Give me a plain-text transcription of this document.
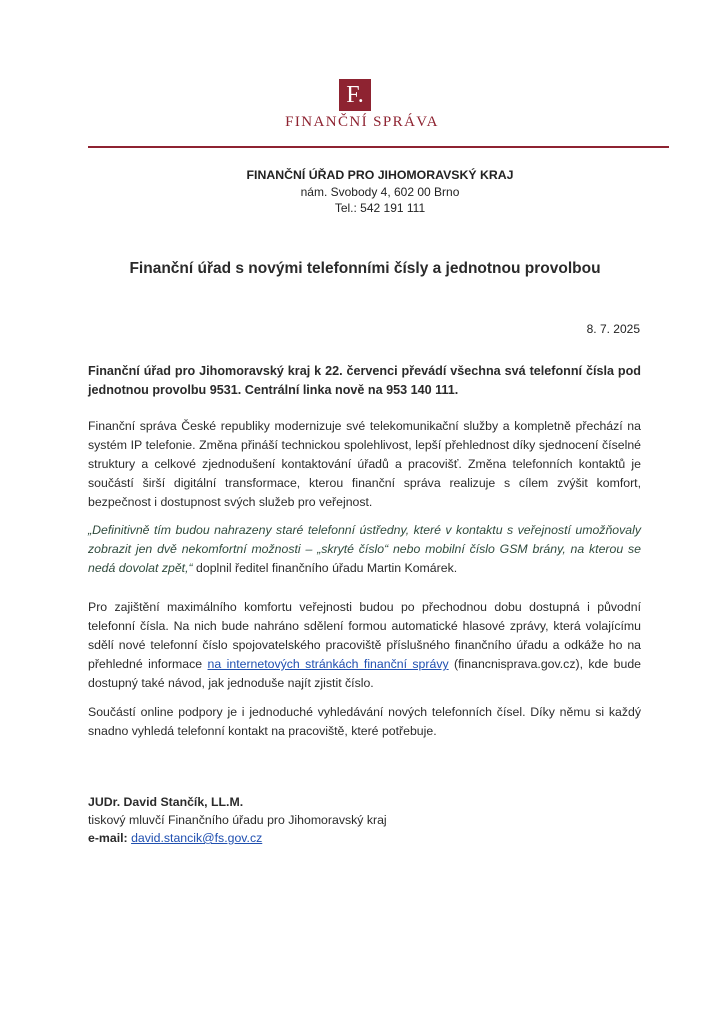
F.
FINANČNÍ SPRÁVA
FINANČNÍ ÚŘAD PRO JIHOMORAVSKÝ KRAJ
nám. Svobody 4, 602 00 Brno
Tel.: 542 191 111
Finanční úřad s novými telefonními čísly a jednotnou provolbou
8. 7. 2025

Finanční úřad pro Jihomoravský kraj k 22. červenci převádí všechna svá telefonní čísla pod jednotnou provolbu 9531. Centrální linka nově na 953 140 111.

Finanční správa České republiky modernizuje své telekomunikační služby a kompletně přechází na systém IP telefonie. Změna přináší technickou spolehlivost, lepší přehlednost díky sjednocení číselné struktury a celkové zjednodušení kontaktování úřadů a pracovišť. Změna telefonních kontaktů je součástí širší digitální transformace, kterou finanční správa realizuje s cílem zvýšit komfort, bezpečnost i dostupnost svých služeb pro veřejnost.

„Definitivně tím budou nahrazeny staré telefonní ústředny, které v kontaktu s veřejností umožňovaly zobrazit jen dvě nekomfortní možnosti – „skryté číslo“ nebo mobilní číslo GSM brány, na kterou se nedá dovolat zpět,“ doplnil ředitel finančního úřadu Martin Komárek.

Pro zajištění maximálního komfortu veřejnosti budou po přechodnou dobu dostupná i původní telefonní čísla. Na nich bude nahráno sdělení formou automatické hlasové zprávy, která volajícímu sdělí nové telefonní číslo spojovatelského pracoviště příslušného finančního úřadu a odkáže ho na přehledné informace na internetových stránkách finanční správy (financnisprava.gov.cz), kde bude dostupný také návod, jak jednoduše najít zjistit číslo.

Součástí online podpory je i jednoduché vyhledávání nových telefonních čísel. Díky němu si každý snadno vyhledá telefonní kontakt na pracoviště, které potřebuje.

JUDr. David Stančík, LL.M.
tiskový mluvčí Finančního úřadu pro Jihomoravský kraj
e-mail: david.stancik@fs.gov.cz
